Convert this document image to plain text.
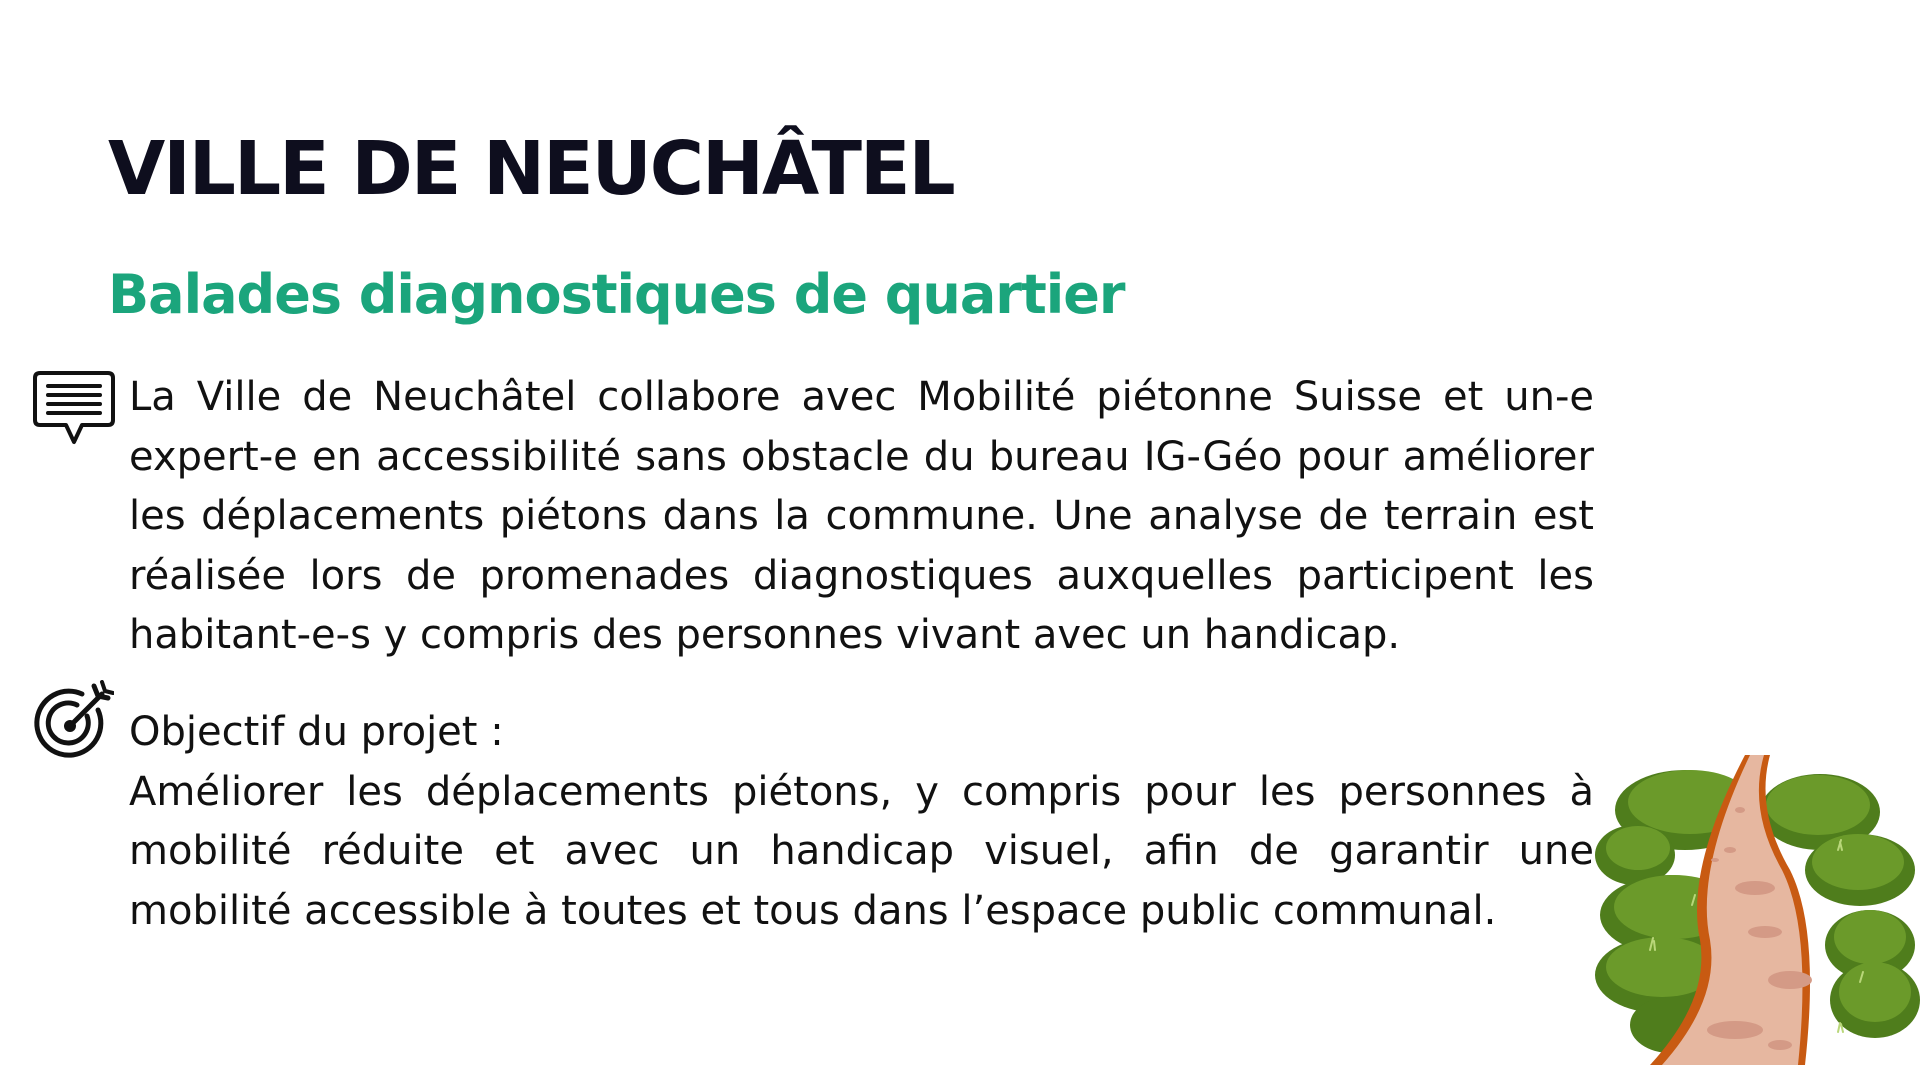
VILLE DE NEUCHÂTEL
Balades diagnostiques de quartier

La Ville de Neuchâtel collabore avec Mobilité piétonne Suisse et un-e expert-e en accessibilité sans obstacle du bureau IG-Géo pour améliorer les déplacements piétons dans la commune. Une analyse de terrain est réalisée lors de promenades diagnostiques auxquelles participent les habitant-e-s y compris des personnes vivant avec un handicap.

Objectif du projet :
Améliorer les déplacements piétons, y compris pour les personnes à mobilité réduite et avec un handicap visuel, afin de garantir une mobilité accessible à toutes et tous dans l’espace public communal.
